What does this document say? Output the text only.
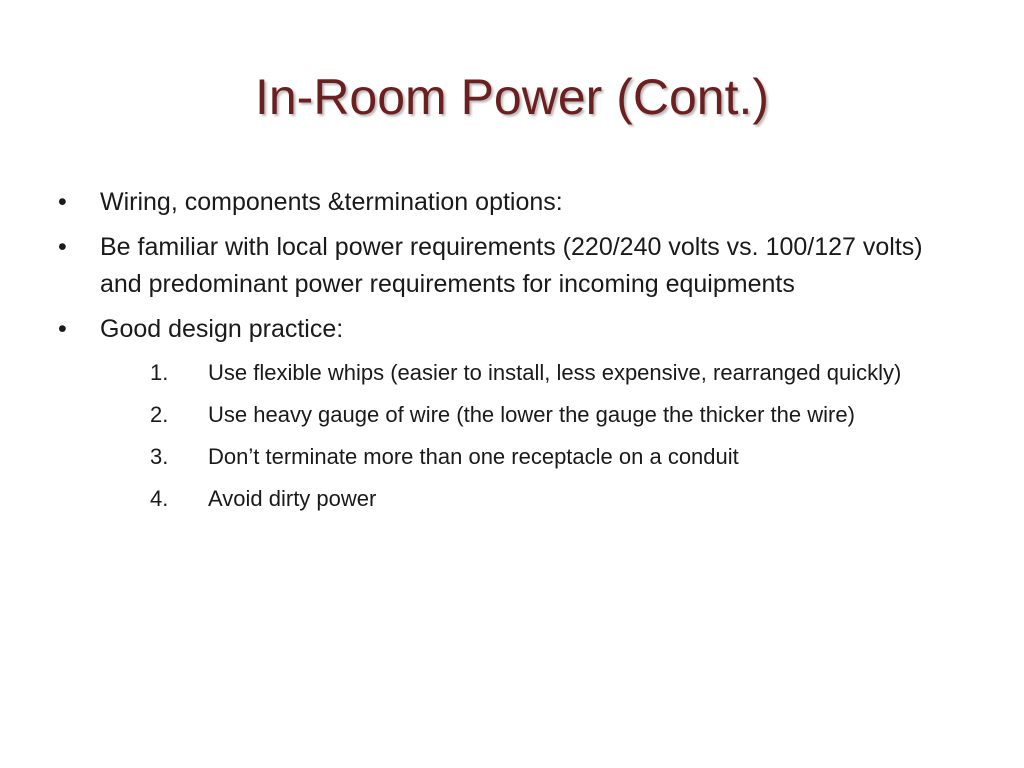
In-Room Power (Cont.)
•	Wiring, components &termination options:
•	Be familiar with local power requirements (220/240 volts vs. 100/127 volts) and predominant power requirements for incoming equipments
•	Good design practice:
1.	Use flexible whips (easier to install, less expensive, rearranged quickly)
2.	Use heavy gauge of wire (the lower the gauge the thicker the wire)
3.	Don’t terminate more than one receptacle on a conduit
4.	Avoid dirty power
